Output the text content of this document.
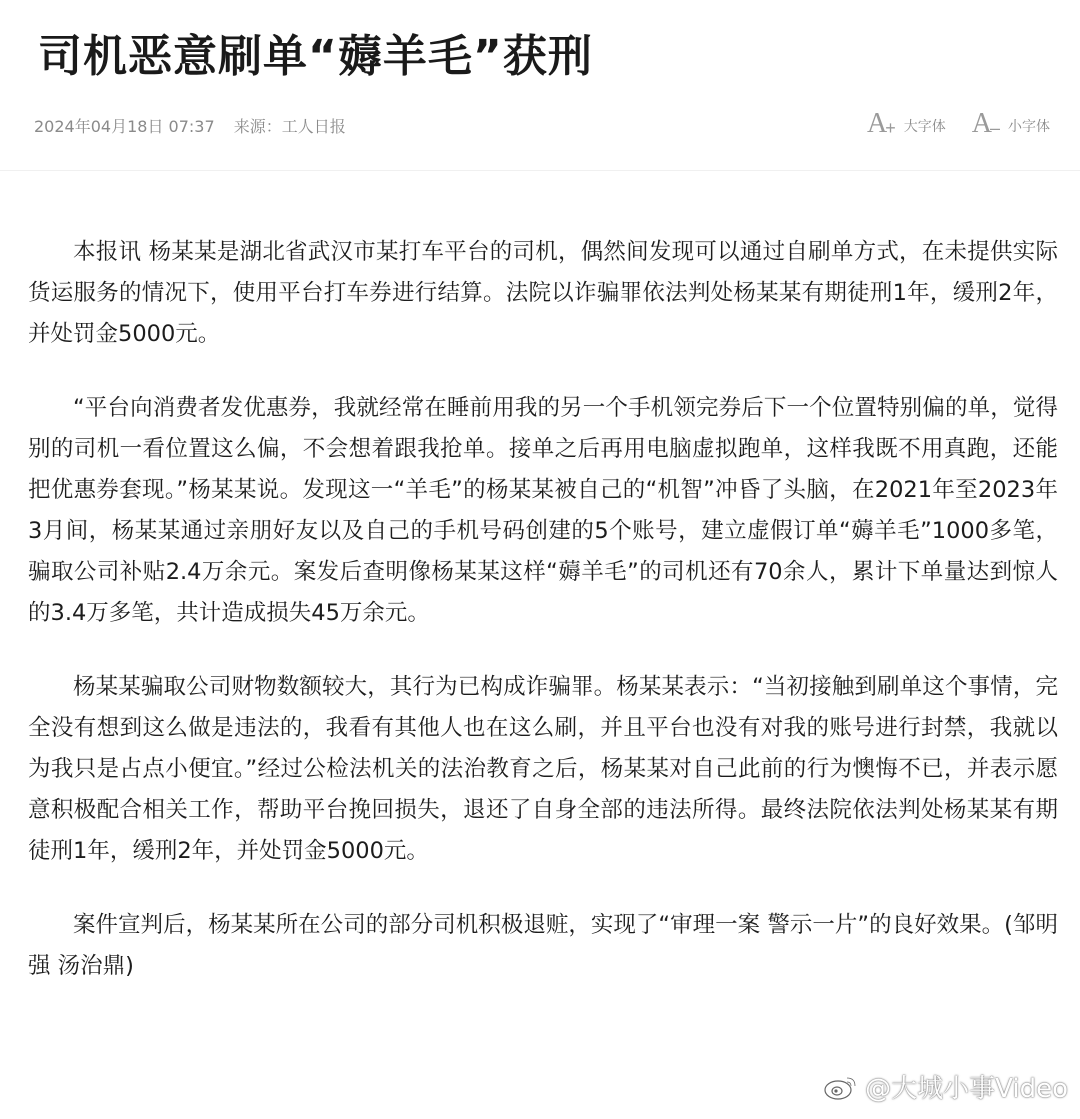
司机恶意刷单“薅羊毛”获刑
2024年04月18日 07:37 来源：工人日报	$A_+$ 大字体 $A_-$ 小字体

本报讯 杨某某是湖北省武汉市某打车平台的司机，偶然间发现可以通过自刷单方式，在未提供实际货运服务的情况下，使用平台打车券进行结算。法院以诈骗罪依法判处杨某某有期徒刑1年，缓刑2年，并处罚金5000元。

“平台向消费者发优惠券，我就经常在睡前用我的另一个手机领完券后下一个位置特别偏的单，觉得别的司机一看位置这么偏，不会想着跟我抢单。接单之后再用电脑虚拟跑单，这样我既不用真跑，还能把优惠券套现。”杨某某说。发现这一“羊毛”的杨某某被自己的“机智”冲昏了头脑，在2021年至2023年3月间，杨某某通过亲朋好友以及自己的手机号码创建的5个账号，建立虚假订单“薅羊毛”1000多笔，骗取公司补贴2.4万余元。案发后查明像杨某某这样“薅羊毛”的司机还有70余人，累计下单量达到惊人的3.4万多笔，共计造成损失45万余元。

杨某某骗取公司财物数额较大，其行为已构成诈骗罪。杨某某表示：“当初接触到刷单这个事情，完全没有想到这么做是违法的，我看有其他人也在这么刷，并且平台也没有对我的账号进行封禁，我就以为我只是占点小便宜。”经过公检法机关的法治教育之后，杨某某对自己此前的行为懊悔不已，并表示愿意积极配合相关工作，帮助平台挽回损失，退还了自身全部的违法所得。最终法院依法判处杨某某有期徒刑1年，缓刑2年，并处罚金5000元。

案件宣判后，杨某某所在公司的部分司机积极退赃，实现了“审理一案 警示一片”的良好效果。(邹明强 汤治鼎)

@大城小事Video
